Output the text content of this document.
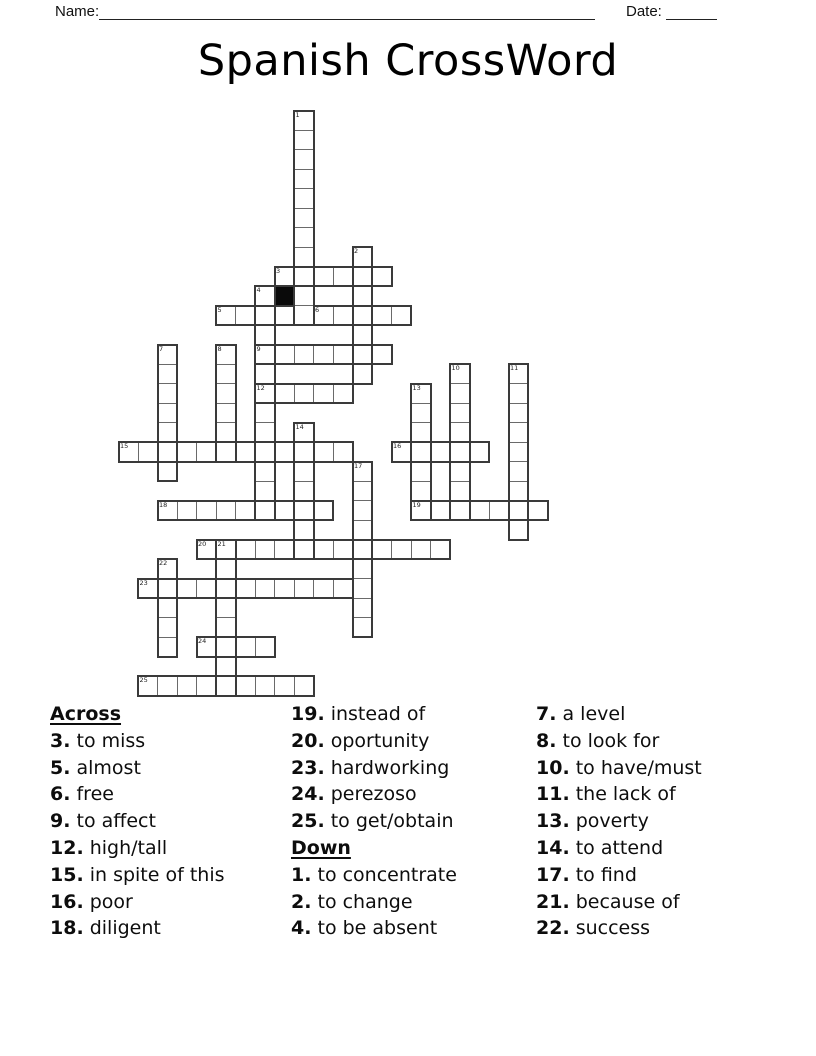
Name:	Date:
Spanish CrossWord
1
2
3
4
5	6
7	8	9
10	11
12	13
14
15	16
17
18	19
20 21
22
23
24
25
Across
3. to miss
5. almost
6. free
9. to affect
12. high/tall
15. in spite of this
16. poor
18. diligent
19. instead of
20. oportunity
23. hardworking
24. perezoso
25. to get/obtain
Down
1. to concentrate
2. to change
4. to be absent
7. a level
8. to look for
10. to have/must
11. the lack of
13. poverty
14. to attend
17. to find
21. because of
22. success
